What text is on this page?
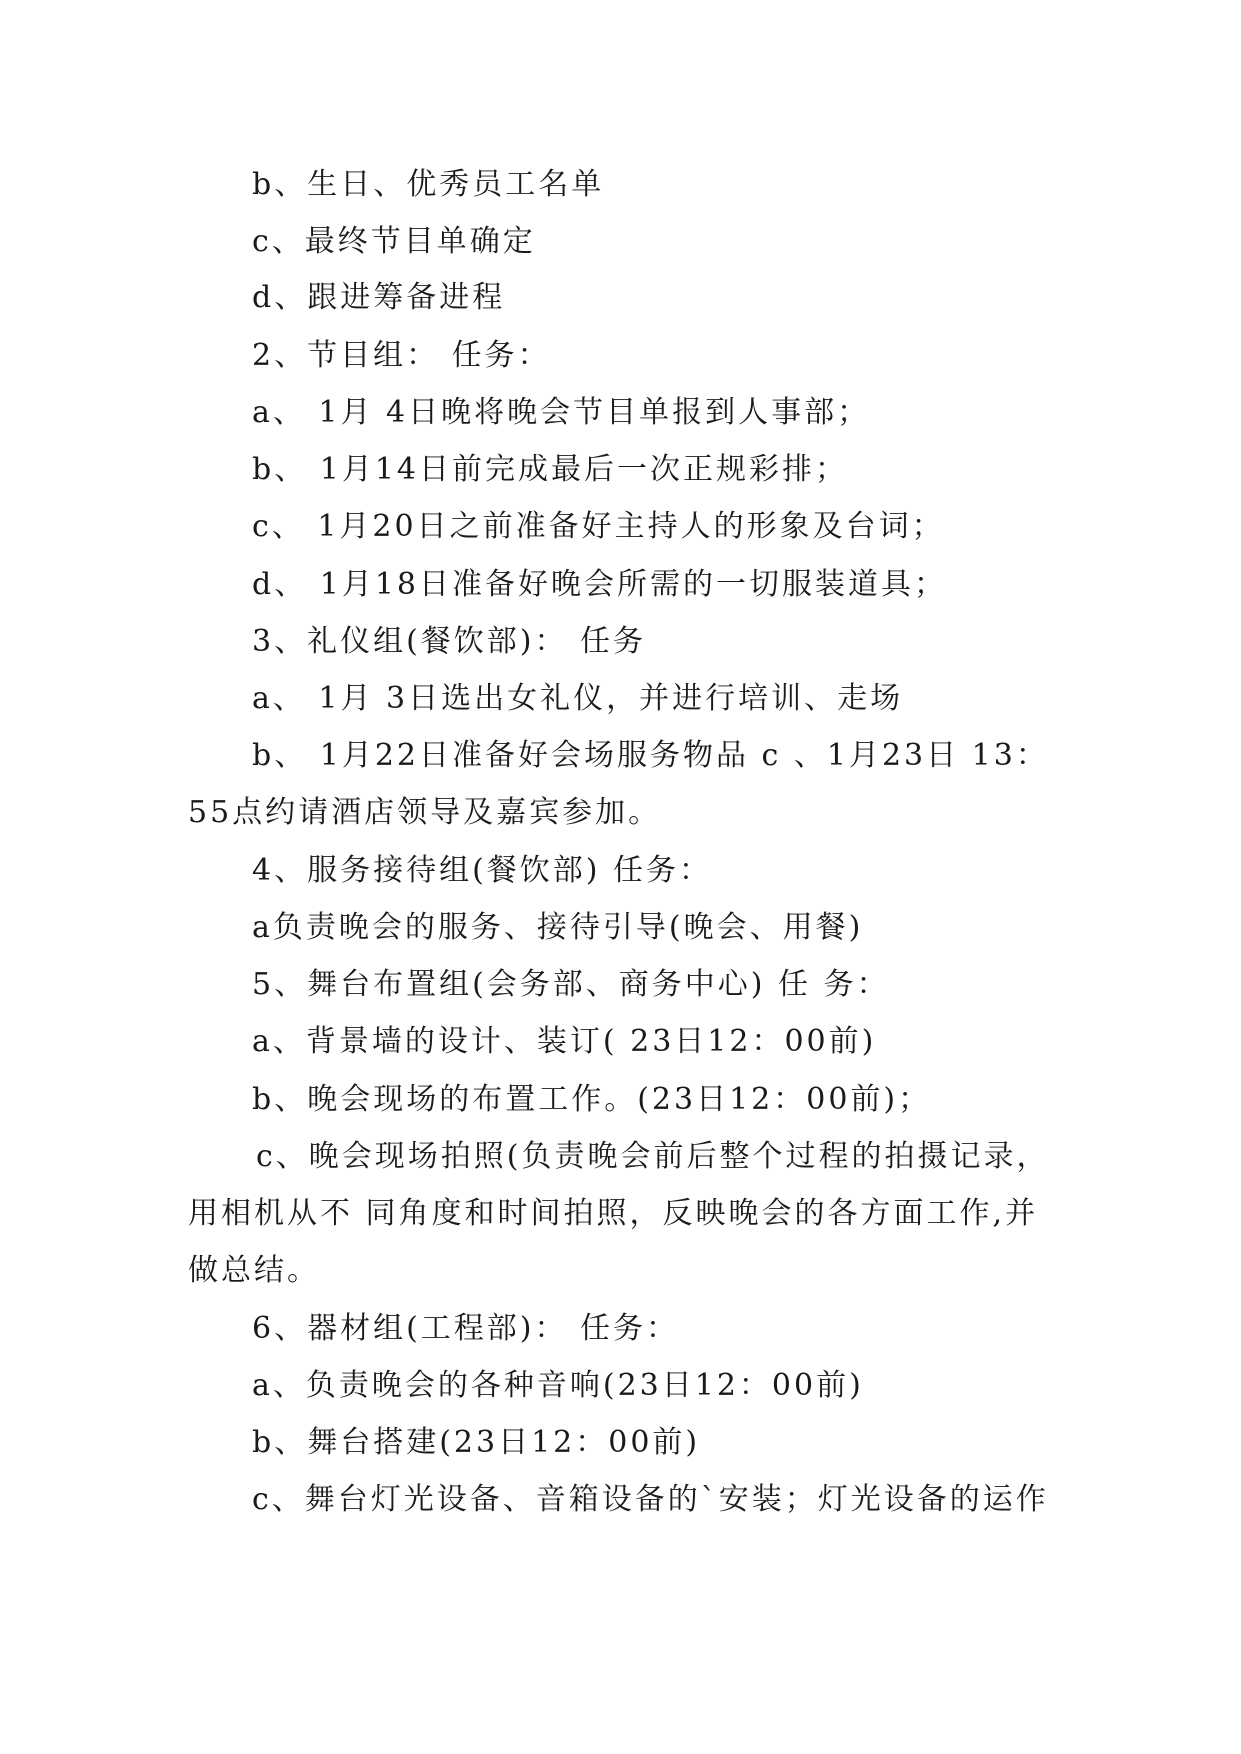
b、生日、优秀员工名单
c、最终节目单确定
d、跟进筹备进程
2、节目组： 任务：
a、 1月 4日晚将晚会节目单报到人事部；
b、 1月14日前完成最后一次正规彩排；
c、 1月20日之前准备好主持人的形象及台词；
d、 1月18日准备好晚会所需的一切服装道具；
3、礼仪组(餐饮部)： 任务
a、 1月 3日选出女礼仪，并进行培训、走场
b、 1月22日准备好会场服务物品 c 、1月23日 13：
55点约请酒店领导及嘉宾参加。
4、服务接待组(餐饮部) 任务：
a负责晚会的服务、接待引导(晚会、用餐)
5、舞台布置组(会务部、商务中心) 任 务：
a、背景墙的设计、装订( 23日12：00前)
b、晚会现场的布置工作。(23日12：00前)；
c、晚会现场拍照(负责晚会前后整个过程的拍摄记录，
用相机从不 同角度和时间拍照，反映晚会的各方面工作,并
做总结。
6、器材组(工程部)： 任务：
a、负责晚会的各种音响(23日12：00前)
b、舞台搭建(23日12：00前)
c、舞台灯光设备、音箱设备的`安装；灯光设备的运作
